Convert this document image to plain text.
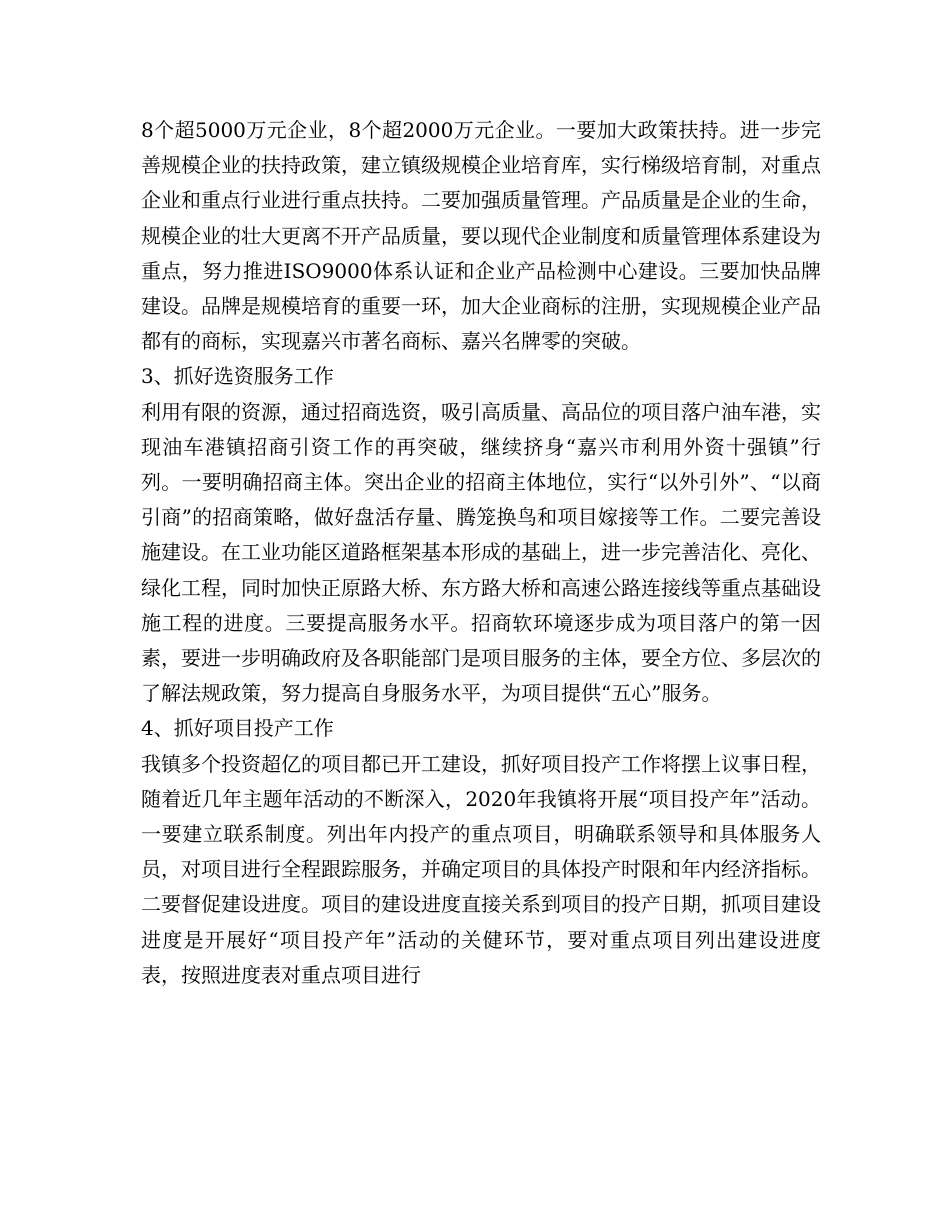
8个超5000万元企业，8个超2000万元企业。一要加大政策扶持。进一步完善规模企业的扶持政策，建立镇级规模企业培育库，实行梯级培育制，对重点企业和重点行业进行重点扶持。二要加强质量管理。产品质量是企业的生命，规模企业的壮大更离不开产品质量，要以现代企业制度和质量管理体系建设为重点，努力推进ISO9000体系认证和企业产品检测中心建设。三要加快品牌建设。品牌是规模培育的重要一环，加大企业商标的注册，实现规模企业产品都有的商标，实现嘉兴市著名商标、嘉兴名牌零的突破。

3、抓好选资服务工作

利用有限的资源，通过招商选资，吸引高质量、高品位的项目落户油车港，实现油车港镇招商引资工作的再突破，继续挤身“嘉兴市利用外资十强镇”行列。一要明确招商主体。突出企业的招商主体地位，实行“以外引外”、“以商引商”的招商策略，做好盘活存量、腾笼换鸟和项目嫁接等工作。二要完善设施建设。在工业功能区道路框架基本形成的基础上，进一步完善洁化、亮化、绿化工程，同时加快正原路大桥、东方路大桥和高速公路连接线等重点基础设施工程的进度。三要提高服务水平。招商软环境逐步成为项目落户的第一因素，要进一步明确政府及各职能部门是项目服务的主体，要全方位、多层次的了解法规政策，努力提高自身服务水平，为项目提供“五心”服务。

4、抓好项目投产工作

我镇多个投资超亿的项目都已开工建设，抓好项目投产工作将摆上议事日程，随着近几年主题年活动的不断深入，2020年我镇将开展“项目投产年”活动。一要建立联系制度。列出年内投产的重点项目，明确联系领导和具体服务人员，对项目进行全程跟踪服务，并确定项目的具体投产时限和年内经济指标。二要督促建设进度。项目的建设进度直接关系到项目的投产日期，抓项目建设进度是开展好“项目投产年”活动的关健环节，要对重点项目列出建设进度表，按照进度表对重点项目进行
